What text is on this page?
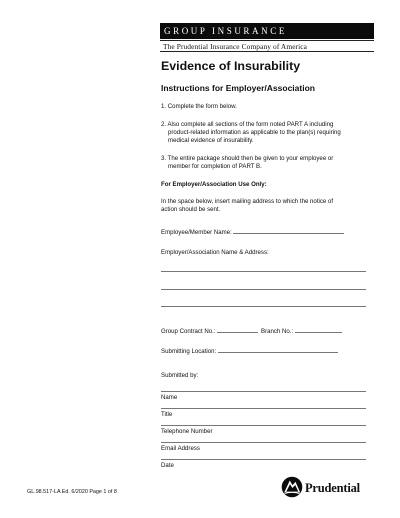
GROUP INSURANCE
The Prudential Insurance Company of America
Evidence of Insurability
Instructions for Employer/Association
1. Complete the form below.
2. Also complete all sections of the form noted PART A including
product-related information as applicable to the plan(s) requiring
medical evidence of insurability.
3. The entire package should then be given to your employee or
member for completion of PART B.
For Employer/Association Use Only:
In the space below, insert mailing address to which the notice of
action should be sent.
Employee/Member Name:
Employer/Association Name & Address:
Group Contract No.:	Branch No.:
Submitting Location:
Submitted by:
Name
Title
Telephone Number
Email Address
Date
GL.98.517-LA Ed. 6/2020 Page 1 of 8	Prudential
